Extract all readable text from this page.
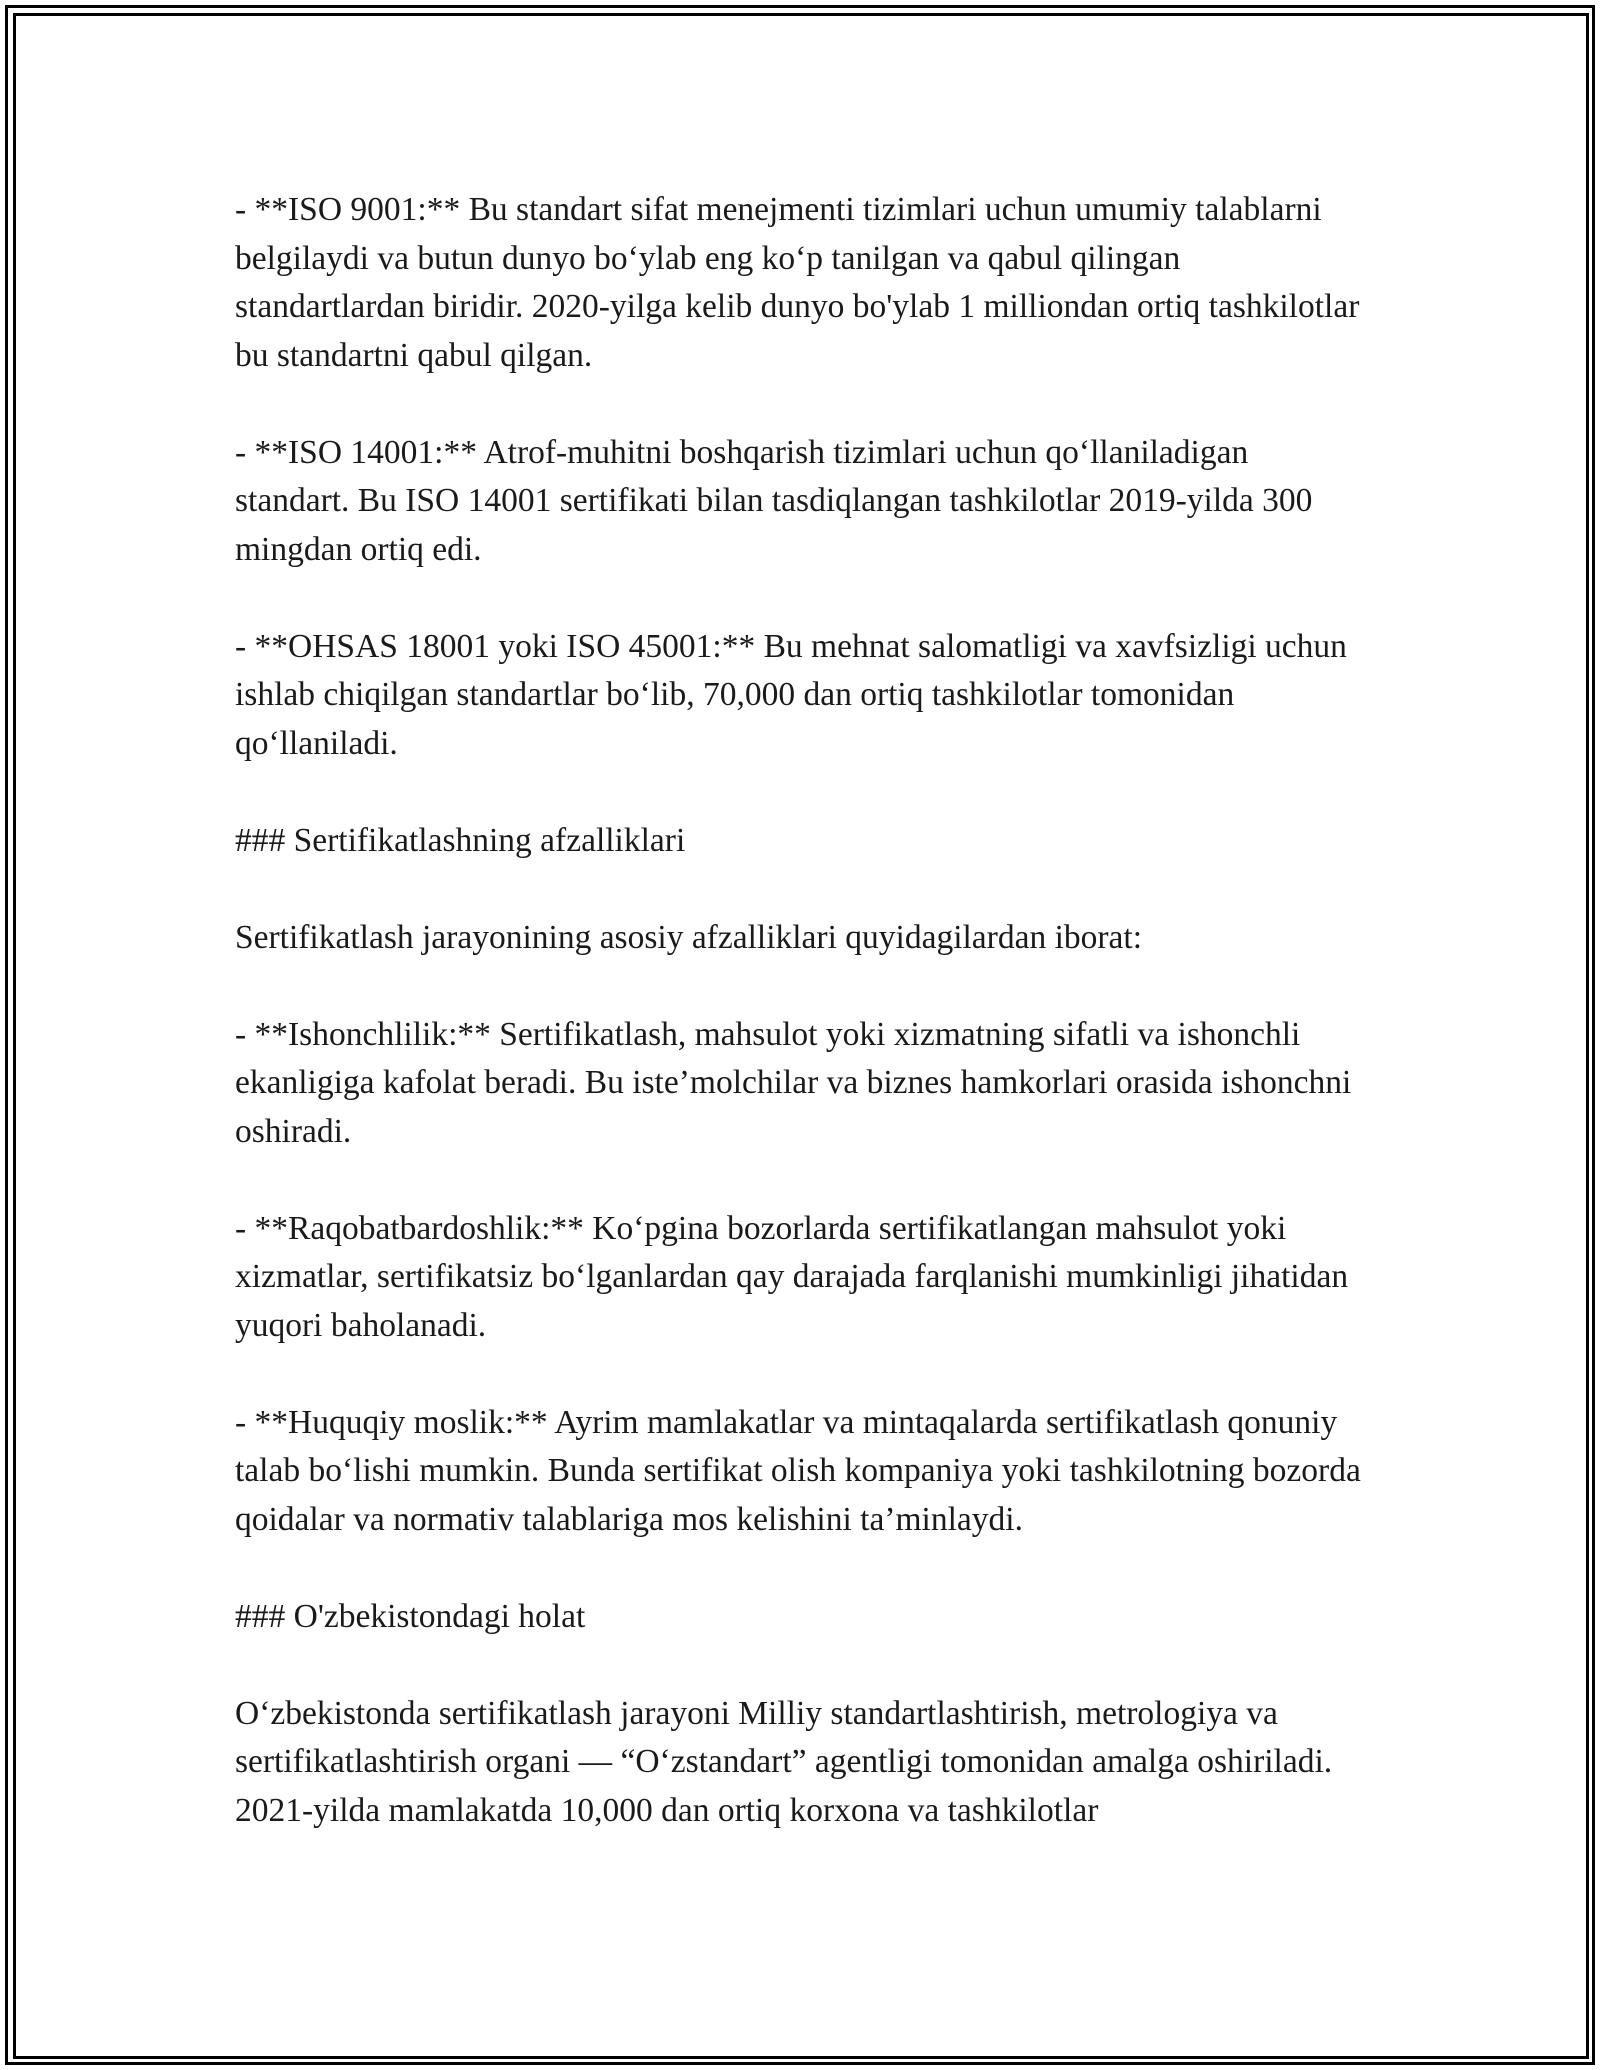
- **ISO 9001:** Bu standart sifat menejmenti tizimlari uchun umumiy talablarni belgilaydi va butun dunyo bo‘ylab eng ko‘p tanilgan va qabul qilingan standartlardan biridir. 2020-yilga kelib dunyo bo'ylab 1 milliondan ortiq tashkilotlar bu standartni qabul qilgan.

- **ISO 14001:** Atrof-muhitni boshqarish tizimlari uchun qo‘llaniladigan standart. Bu ISO 14001 sertifikati bilan tasdiqlangan tashkilotlar 2019-yilda 300 mingdan ortiq edi.

- **OHSAS 18001 yoki ISO 45001:** Bu mehnat salomatligi va xavfsizligi uchun ishlab chiqilgan standartlar bo‘lib, 70,000 dan ortiq tashkilotlar tomonidan qo‘llaniladi.

### Sertifikatlashning afzalliklari

Sertifikatlash jarayonining asosiy afzalliklari quyidagilardan iborat:

- **Ishonchlilik:** Sertifikatlash, mahsulot yoki xizmatning sifatli va ishonchli ekanligiga kafolat beradi. Bu iste’molchilar va biznes hamkorlari orasida ishonchni oshiradi.

- **Raqobatbardoshlik:** Ko‘pgina bozorlarda sertifikatlangan mahsulot yoki xizmatlar, sertifikatsiz bo‘lganlardan qay darajada farqlanishi mumkinligi jihatidan yuqori baholanadi.

- **Huquqiy moslik:** Ayrim mamlakatlar va mintaqalarda sertifikatlash qonuniy talab bo‘lishi mumkin. Bunda sertifikat olish kompaniya yoki tashkilotning bozorda qoidalar va normativ talablariga mos kelishini ta’minlaydi.

### O'zbekistondagi holat

O‘zbekistonda sertifikatlash jarayoni Milliy standartlashtirish, metrologiya va sertifikatlashtirish organi — “O‘zstandart” agentligi tomonidan amalga oshiriladi. 2021-yilda mamlakatda 10,000 dan ortiq korxona va tashkilotlar
